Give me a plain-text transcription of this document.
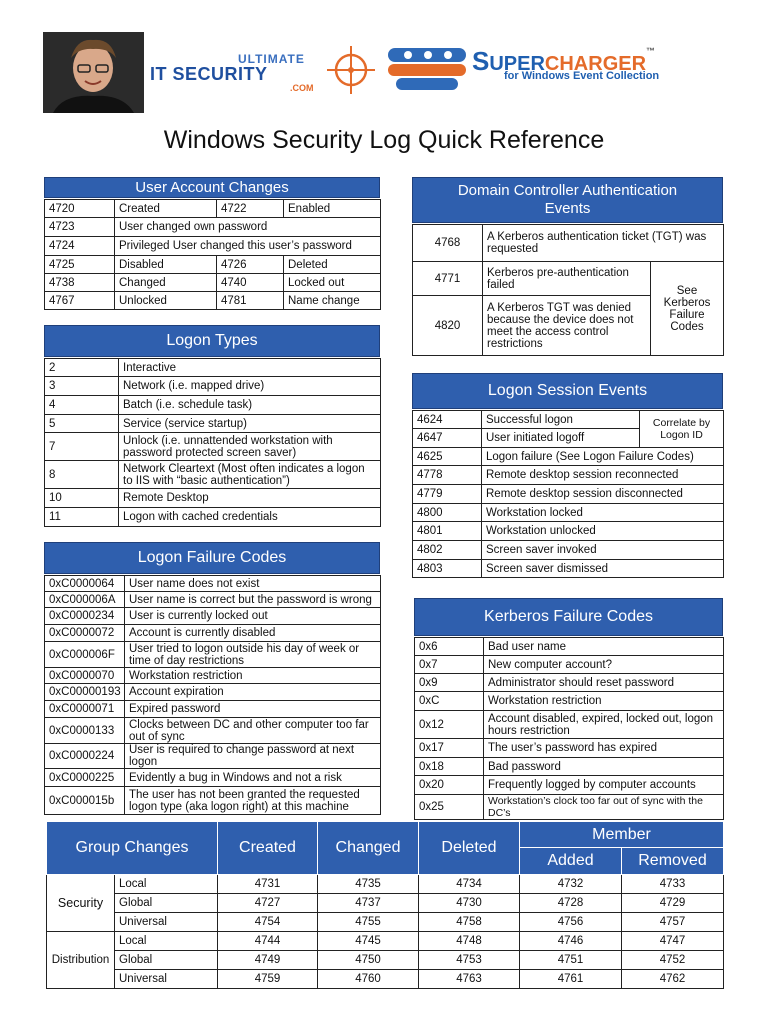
ULTIMATE
IT SECURITY
.COM
SUPERCHARGER™
for Windows Event Collection
Windows Security Log Quick Reference
User Account Changes
4720	Created	4722	Enabled
4723	User changed own password		
4724	Privileged User changed this user’s password		
4725	Disabled	4726	Deleted
4738	Changed	4740	Locked out
4767	Unlocked	4781	Name change
Logon Types
2	Interactive
3	Network (i.e. mapped drive)
4	Batch (i.e. schedule task)
5	Service (service startup)
7	Unlock (i.e. unnattended workstation with password protected screen saver)
8	Network Cleartext (Most often indicates a logon to IIS with “basic authentication”)
10	Remote Desktop
11	Logon with cached credentials
Logon Failure Codes
0xC0000064	User name does not exist
0xC000006A	User name is correct but the password is wrong
0xC0000234	User is currently locked out
0xC0000072	Account is currently disabled
0xC000006F	User tried to logon outside his day of week or time of day restrictions
0xC0000070	Workstation restriction
0xC00000193	Account expiration
0xC0000071	Expired password
0xC0000133	Clocks between DC and other computer too far out of sync
0xC0000224	User is required to change password at next logon
0xC0000225	Evidently a bug in Windows and not a risk
0xC000015b	The user has not been granted the requested logon type (aka logon right) at this machine
Domain Controller Authentication Events
4768	A Kerberos authentication ticket (TGT) was requested	
4771	Kerberos pre-authentication failed	See Kerberos Failure Codes
4820	A Kerberos TGT was denied because the device does not meet the access control restrictions	
Logon Session Events
4624	Successful logon	Correlate by Logon ID
4647	User initiated logoff	
4625	Logon failure (See Logon Failure Codes)	
4778	Remote desktop session reconnected	
4779	Remote desktop session disconnected	
4800	Workstation locked	
4801	Workstation unlocked	
4802	Screen saver invoked	
4803	Screen saver dismissed	
Kerberos Failure Codes
0x6	Bad user name
0x7	New computer account?
0x9	Administrator should reset password
0xC	Workstation restriction
0x12	Account disabled, expired, locked out, logon hours restriction
0x17	The user’s password has expired
0x18	Bad password
0x20	Frequently logged by computer accounts
0x25	Workstation’s clock too far out of sync with the DC’s
Group Changes		Created	Changed	Deleted	Member	
					Added	Removed
Security	Local	4731	4735	4734	4732	4733
	Global	4727	4737	4730	4728	4729
	Universal	4754	4755	4758	4756	4757
Distribution	Local	4744	4745	4748	4746	4747
	Global	4749	4750	4753	4751	4752
	Universal	4759	4760	4763	4761	4762
